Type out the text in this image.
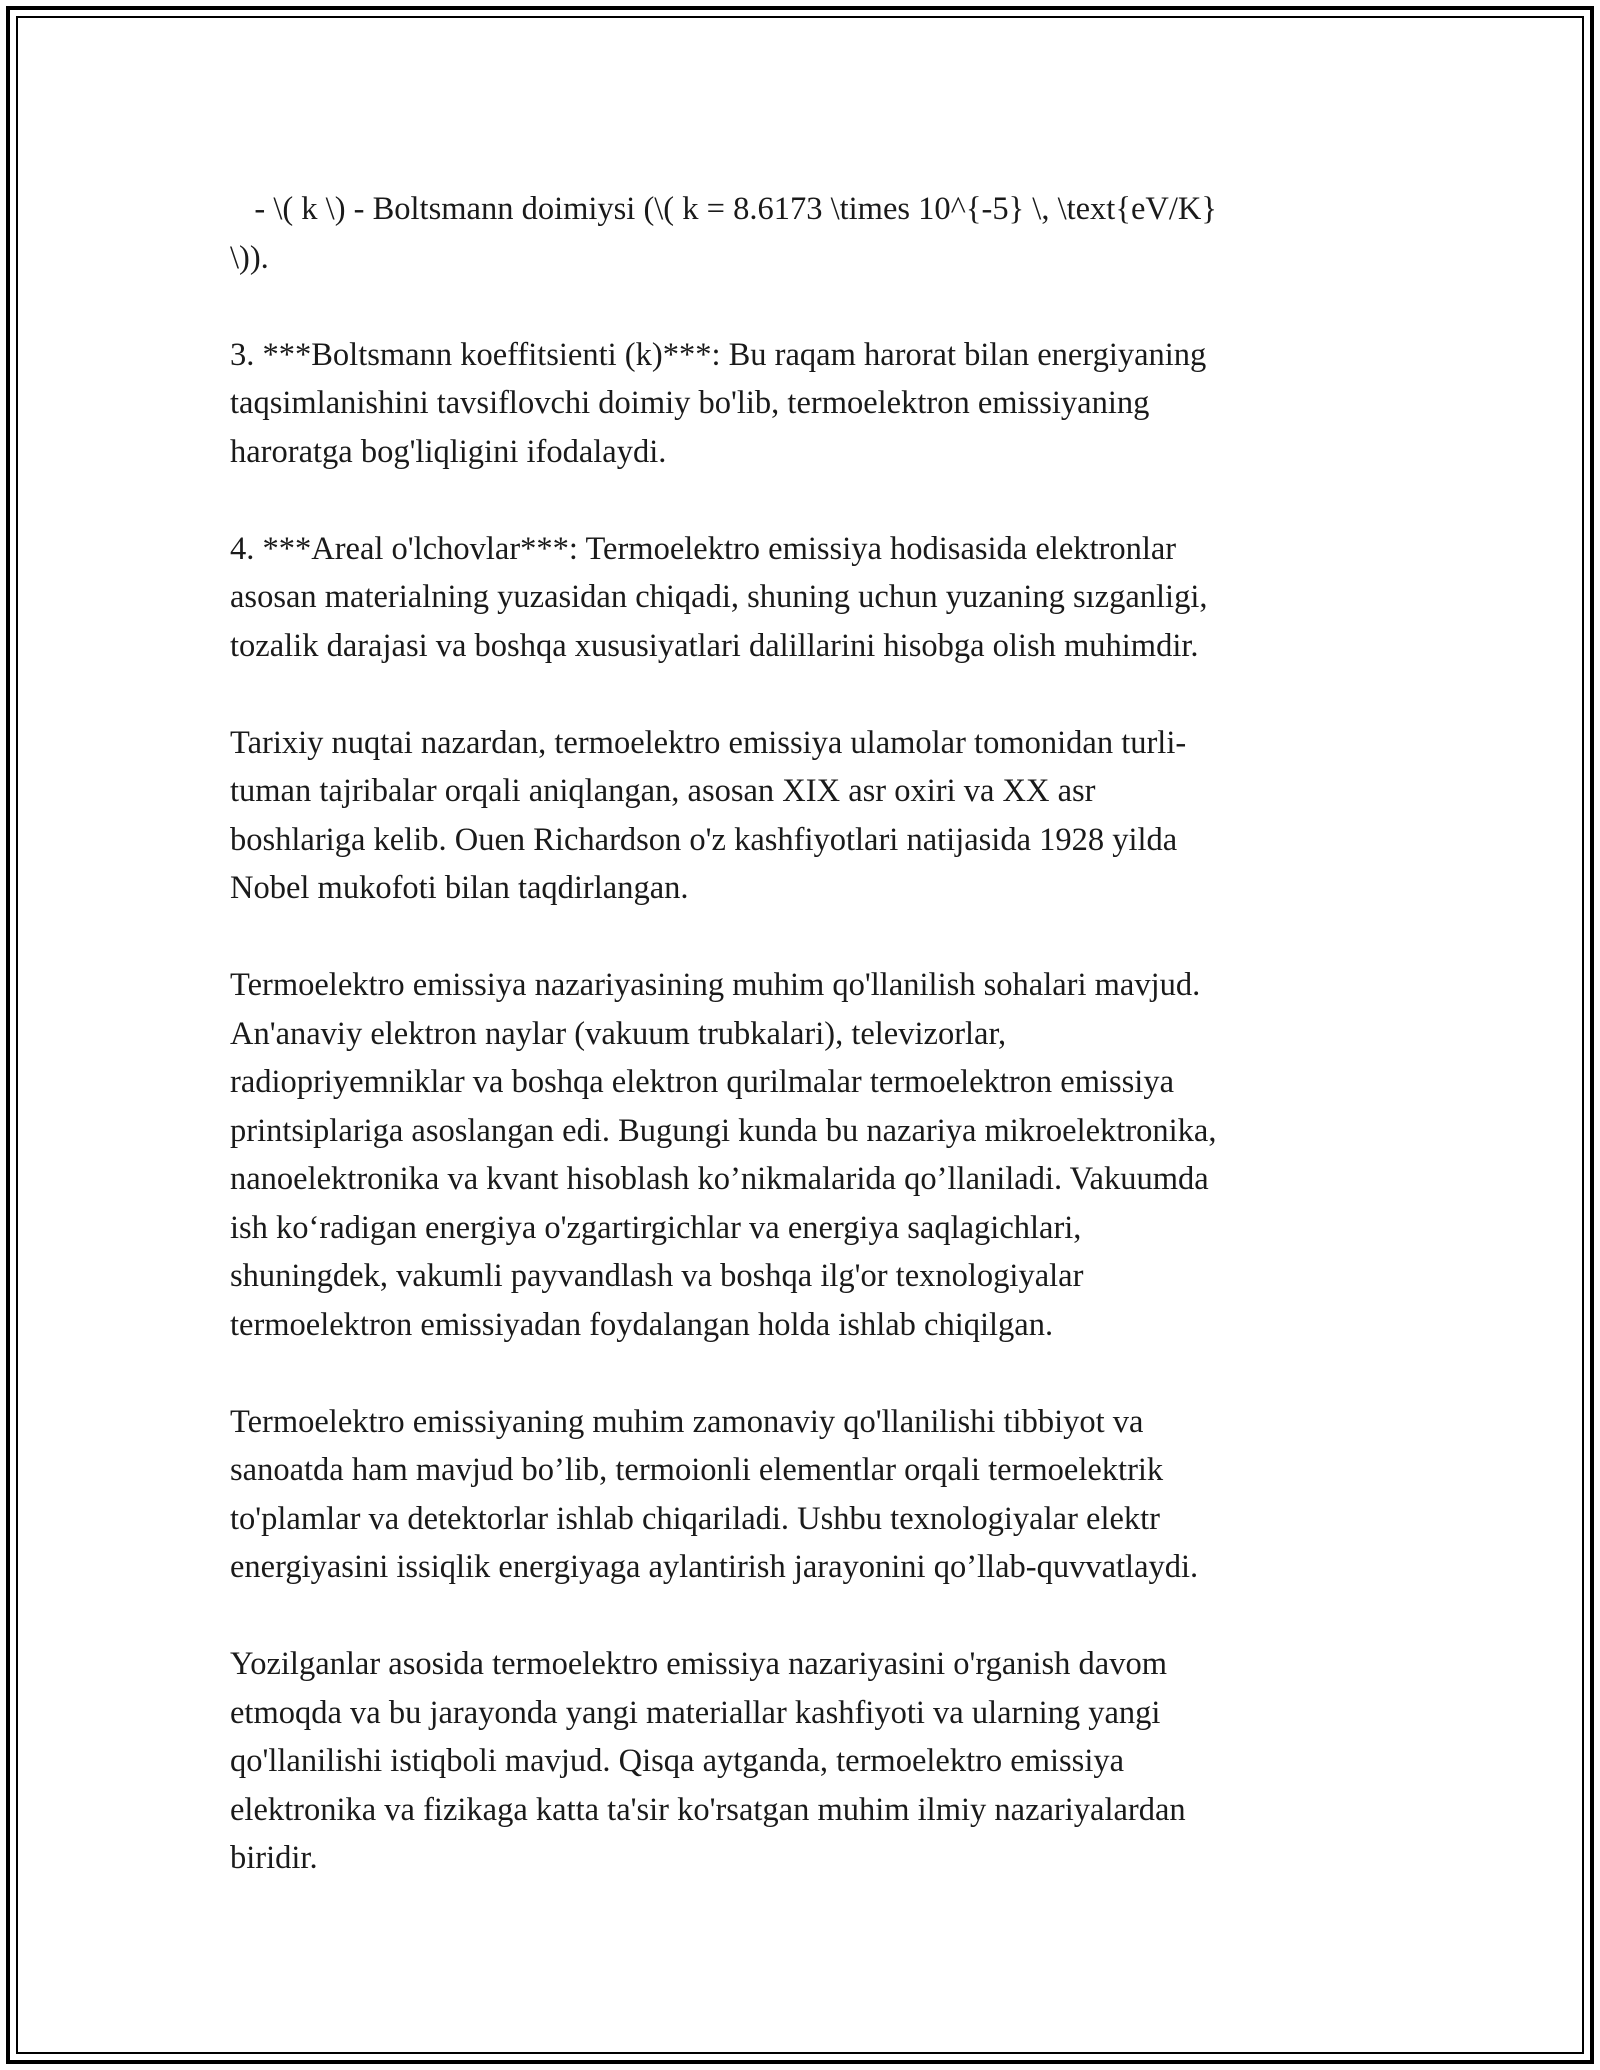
- \( k \) - Boltsmann doimiysi (\( k = 8.6173 \times 10^{-5} \, \text{eV/K}
\)).

3. ***Boltsmann koeffitsienti (k)***: Bu raqam harorat bilan energiyaning
taqsimlanishini tavsiflovchi doimiy bo'lib, termoelektron emissiyaning
haroratga bog'liqligini ifodalaydi.

4. ***Areal o'lchovlar***: Termoelektro emissiya hodisasida elektronlar
asosan materialning yuzasidan chiqadi, shuning uchun yuzaning sızganligi,
tozalik darajasi va boshqa xususiyatlari dalillarini hisobga olish muhimdir.

Tarixiy nuqtai nazardan, termoelektro emissiya ulamolar tomonidan turli-
tuman tajribalar orqali aniqlangan, asosan XIX asr oxiri va XX asr
boshlariga kelib. Ouen Richardson o'z kashfiyotlari natijasida 1928 yilda
Nobel mukofoti bilan taqdirlangan.

Termoelektro emissiya nazariyasining muhim qo'llanilish sohalari mavjud.
An'anaviy elektron naylar (vakuum trubkalari), televizorlar,
radiopriyemniklar va boshqa elektron qurilmalar termoelektron emissiya
printsiplariga asoslangan edi. Bugungi kunda bu nazariya mikroelektronika,
nanoelektronika va kvant hisoblash ko’nikmalarida qo’llaniladi. Vakuumda
ish ko‘radigan energiya o'zgartirgichlar va energiya saqlagichlari,
shuningdek, vakumli payvandlash va boshqa ilg'or texnologiyalar
termoelektron emissiyadan foydalangan holda ishlab chiqilgan.

Termoelektro emissiyaning muhim zamonaviy qo'llanilishi tibbiyot va
sanoatda ham mavjud bo’lib, termoionli elementlar orqali termoelektrik
to'plamlar va detektorlar ishlab chiqariladi. Ushbu texnologiyalar elektr
energiyasini issiqlik energiyaga aylantirish jarayonini qo’llab-quvvatlaydi.

Yozilganlar asosida termoelektro emissiya nazariyasini o'rganish davom
etmoqda va bu jarayonda yangi materiallar kashfiyoti va ularning yangi
qo'llanilishi istiqboli mavjud. Qisqa aytganda, termoelektro emissiya
elektronika va fizikaga katta ta'sir ko'rsatgan muhim ilmiy nazariyalardan
biridir.
